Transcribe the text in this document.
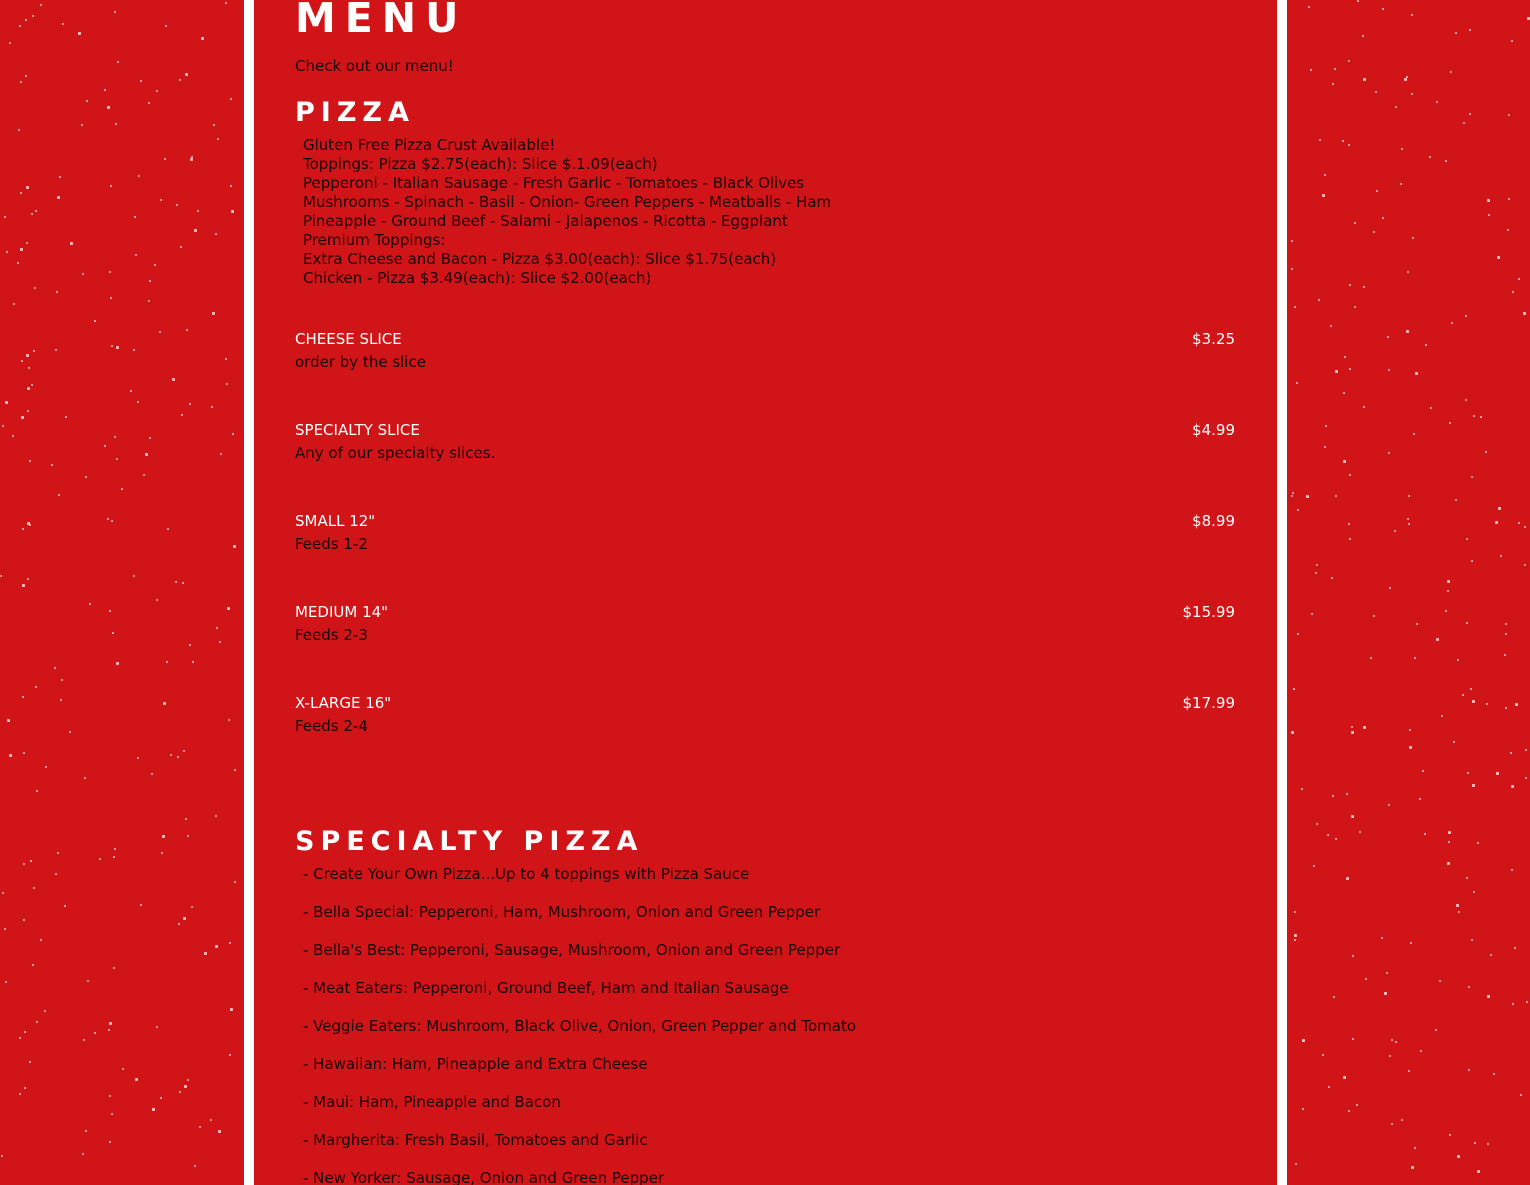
MENU
Check out our menu!
PIZZA
Gluten Free Pizza Crust Available!
Toppings: Pizza $2.75(each): Slice $.1.09(each)
Pepperoni - Italian Sausage - Fresh Garlic - Tomatoes - Black Olives
Mushrooms - Spinach - Basil - Onion- Green Peppers - Meatballs - Ham
Pineapple - Ground Beef - Salami - Jalapenos - Ricotta - Eggplant
Premium Toppings:
Extra Cheese and Bacon - Pizza $3.00(each): Slice $1.75(each)
Chicken - Pizza $3.49(each): Slice $2.00(each)
CHEESE SLICE	$3.25
order by the slice
SPECIALTY SLICE	$4.99
Any of our specialty slices.
SMALL 12"	$8.99
Feeds 1-2
MEDIUM 14"	$15.99
Feeds 2-3
X-LARGE 16"	$17.99
Feeds 2-4
SPECIALTY PIZZA
- Create Your Own Pizza...Up to 4 toppings with Pizza Sauce
- Bella Special: Pepperoni, Ham, Mushroom, Onion and Green Pepper
- Bella's Best: Pepperoni, Sausage, Mushroom, Onion and Green Pepper
- Meat Eaters: Pepperoni, Ground Beef, Ham and Italian Sausage
- Veggie Eaters: Mushroom, Black Olive, Onion, Green Pepper and Tomato
- Hawaiian: Ham, Pineapple and Extra Cheese
- Maui: Ham, Pineapple and Bacon
- Margherita: Fresh Basil, Tomatoes and Garlic
- New Yorker: Sausage, Onion and Green Pepper
